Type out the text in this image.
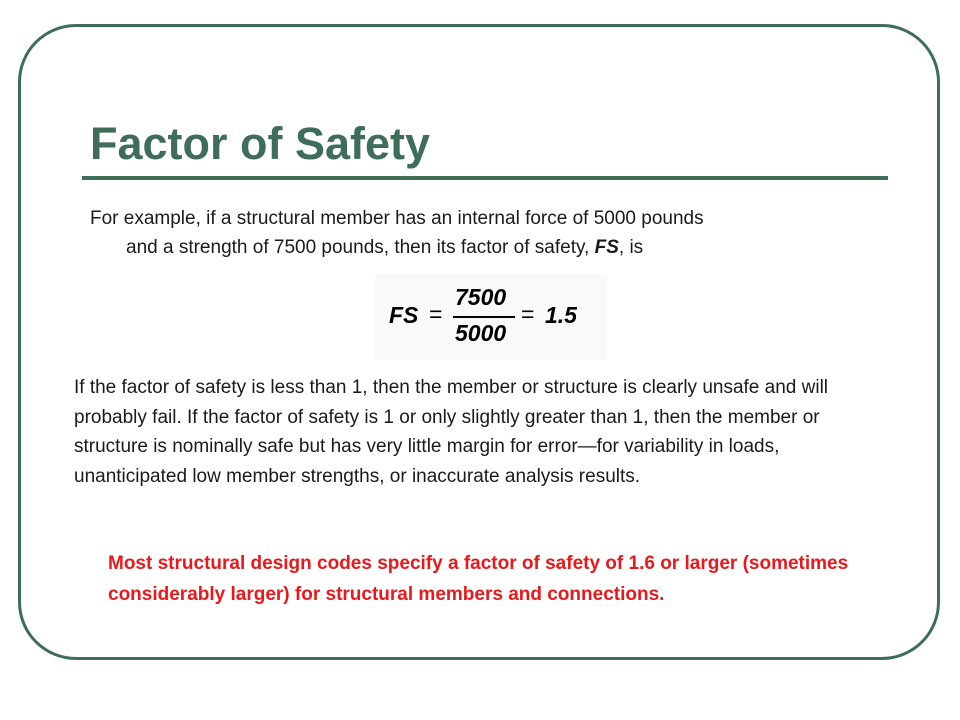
Factor of Safety

For example, if a structural member has an internal force of 5000 pounds
and a strength of 7500 pounds, then its factor of safety, FS, is

FS =
7500
5000
= 1.5

If the factor of safety is less than 1, then the member or structure is clearly unsafe and will probably fail. If the factor of safety is 1 or only slightly greater than 1, then the member or structure is nominally safe but has very little margin for error—for variability in loads, unanticipated low member strengths, or inaccurate analysis results.

Most structural design codes specify a factor of safety of 1.6 or larger (sometimes considerably larger) for structural members and connections.
